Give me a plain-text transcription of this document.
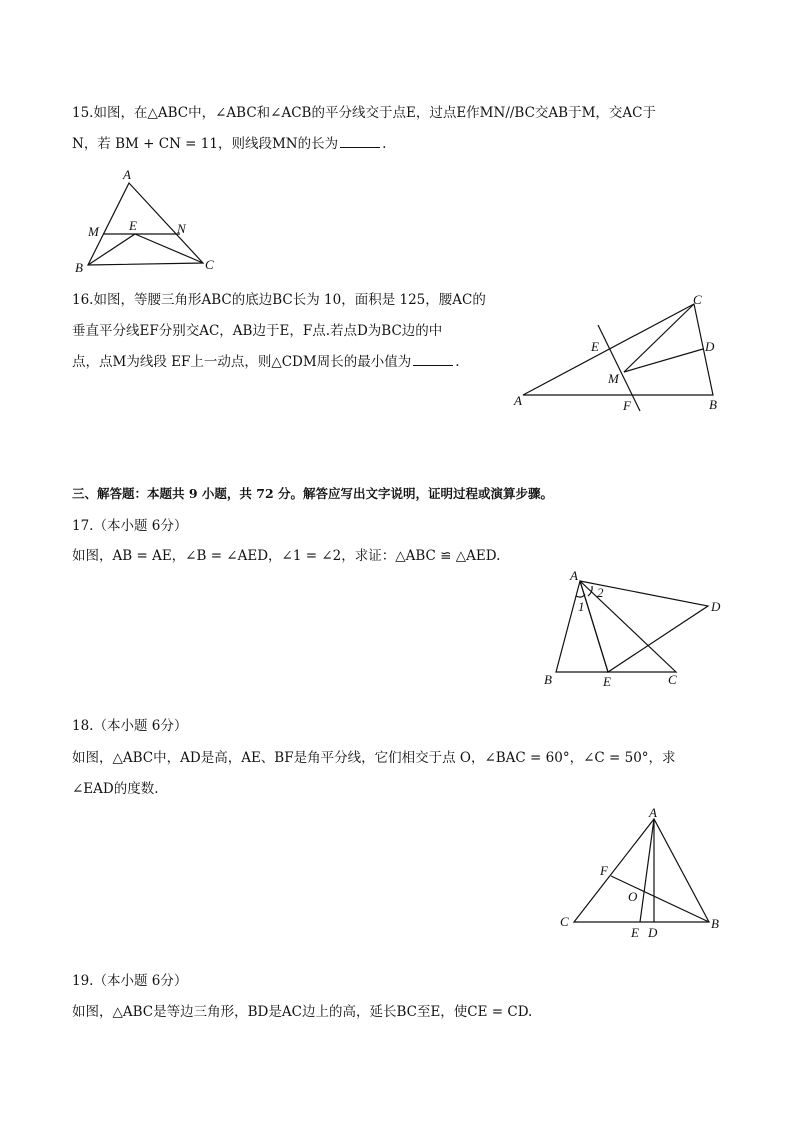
15.如图，在△ABC中，∠ABC和∠ACB的平分线交于点E，过点E作MN//BC交AB于M，交AC于
N，若 BM + CN = 11，则线段MN的长为	.
A
M E	N
B	C
16.如图，等腰三角形ABC的底边BC长为 10，面积是 125，腰AC的
垂直平分线EF分别交AC，AB边于E，F点.若点D为BC边的中
点，点M为线段 EF上一动点，则△CDM周长的最小值为	.
C
E	D
M
A	F	B
三、解答题：本题共 9 小题，共 72 分。解答应写出文字说明，证明过程或演算步骤。
17.（本小题 6分）
如图，AB = AE，∠B = ∠AED，∠1 = ∠2，求证：△ABC ≌ △AED.
A
1
2
D
B	E	C
18.（本小题 6分）
如图，△ABC中，AD是高，AE、BF是角平分线，它们相交于点 O，∠BAC = 60°，∠C = 50°，求
∠EAD的度数.
A
F
O
C
E D
B
19.（本小题 6分）
如图，△ABC是等边三角形，BD是AC边上的高，延长BC至E，使CE = CD.
